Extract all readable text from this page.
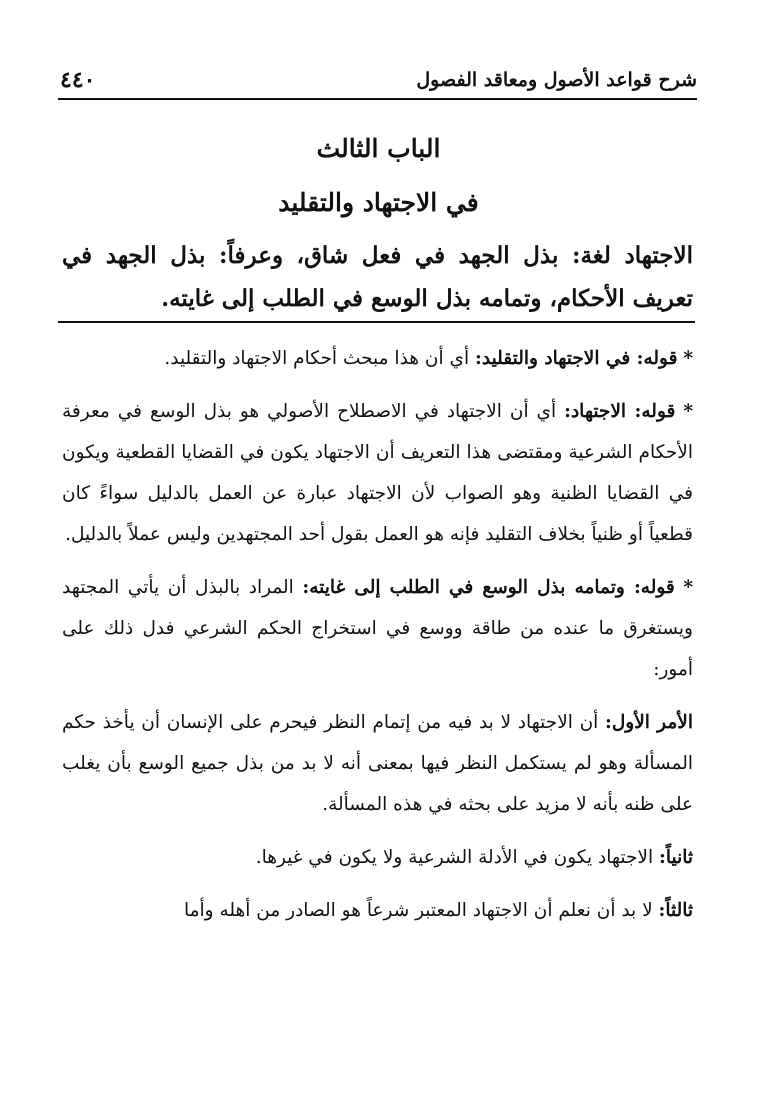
شرح قواعد الأصول ومعاقد الفصول
٤٤٠
الباب الثالث
في الاجتهاد والتقليد
الاجتهاد لغة: بذل الجهد في فعل شاق، وعرفاً: بذل الجهد في تعريف الأحكام، وتمامه بذل الوسع في الطلب إلى غايته.

* قوله: في الاجتهاد والتقليد: أي أن هذا مبحث أحكام الاجتهاد والتقليد.

* قوله: الاجتهاد: أي أن الاجتهاد في الاصطلاح الأصولي هو بذل الوسع في معرفة الأحكام الشرعية ومقتضى هذا التعريف أن الاجتهاد يكون في القضايا القطعية ويكون في القضايا الظنية وهو الصواب لأن الاجتهاد عبارة عن العمل بالدليل سواءً كان قطعياً أو ظنياً بخلاف التقليد فإنه هو العمل بقول أحد المجتهدين وليس عملاً بالدليل.

* قوله: وتمامه بذل الوسع في الطلب إلى غايته: المراد بالبذل أن يأتي المجتهد ويستغرق ما عنده من طاقة ووسع في استخراج الحكم الشرعي فدل ذلك على أمور:

الأمر الأول: أن الاجتهاد لا بد فيه من إتمام النظر فيحرم على الإنسان أن يأخذ حكم المسألة وهو لم يستكمل النظر فيها بمعنى أنه لا بد من بذل جميع الوسع بأن يغلب على ظنه بأنه لا مزيد على بحثه في هذه المسألة.

ثانياً: الاجتهاد يكون في الأدلة الشرعية ولا يكون في غيرها.

ثالثاً: لا بد أن نعلم أن الاجتهاد المعتبر شرعاً هو الصادر من أهله وأما
